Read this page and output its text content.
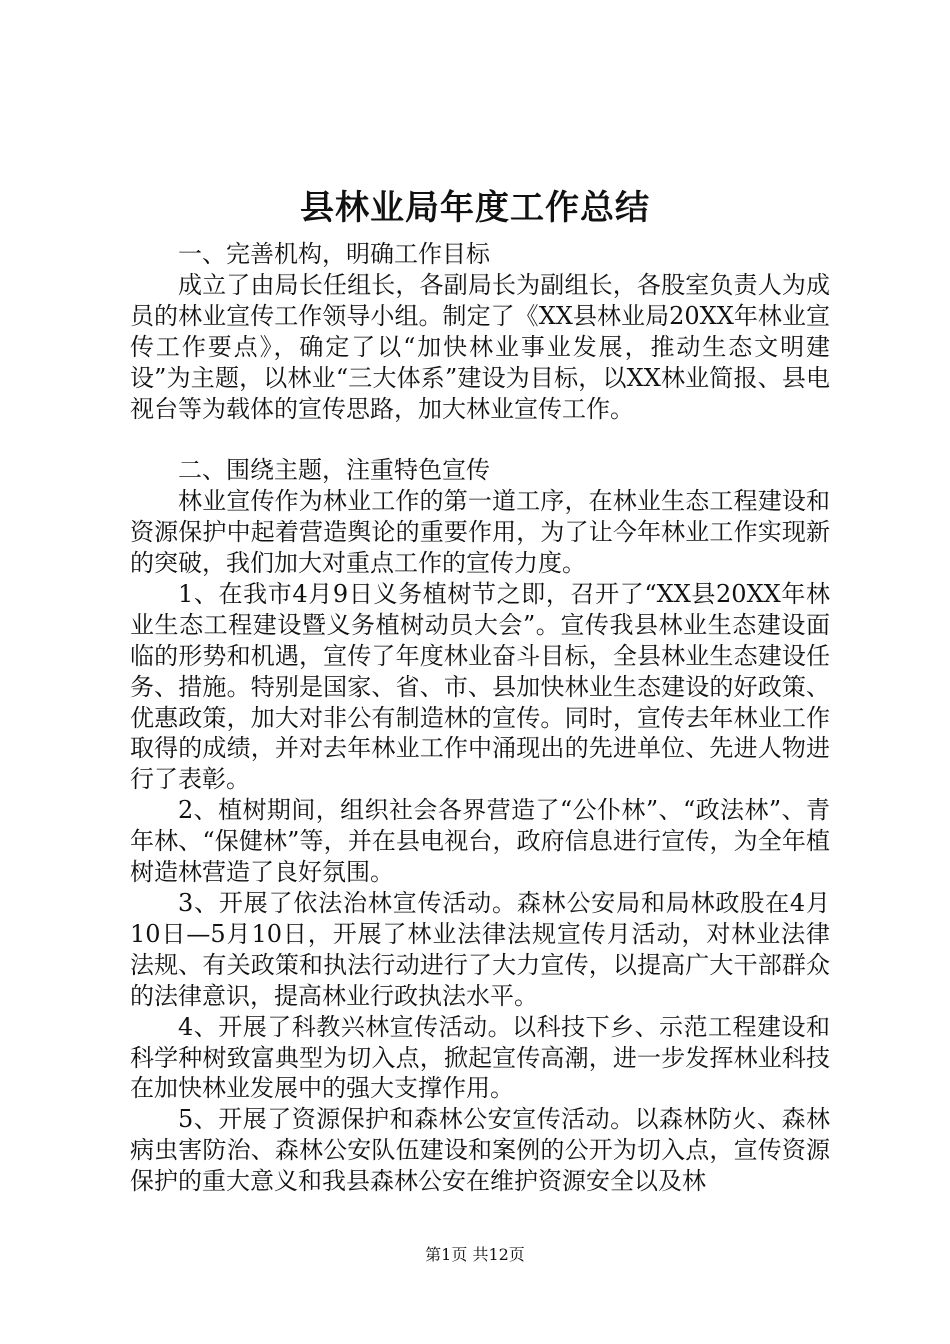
县林业局年度工作总结

一、完善机构，明确工作目标

成立了由局长任组长，各副局长为副组长，各股室负责人为成员的林业宣传工作领导小组。制定了《XX县林业局20XX年林业宣传工作要点》，确定了以“加快林业事业发展，推动生态文明建设”为主题，以林业“三大体系”建设为目标，以XX林业简报、县电视台等为载体的宣传思路，加大林业宣传工作。

二、围绕主题，注重特色宣传

林业宣传作为林业工作的第一道工序，在林业生态工程建设和资源保护中起着营造舆论的重要作用，为了让今年林业工作实现新的突破，我们加大对重点工作的宣传力度。

1、在我市4月9日义务植树节之即，召开了“XX县20XX年林业生态工程建设暨义务植树动员大会”。宣传我县林业生态建设面临的形势和机遇，宣传了年度林业奋斗目标，全县林业生态建设任务、措施。特别是国家、省、市、县加快林业生态建设的好政策、优惠政策，加大对非公有制造林的宣传。同时，宣传去年林业工作取得的成绩，并对去年林业工作中涌现出的先进单位、先进人物进行了表彰。

2、植树期间，组织社会各界营造了“公仆林”、“政法林”、青年林、“保健林”等，并在县电视台，政府信息进行宣传，为全年植树造林营造了良好氛围。

3、开展了依法治林宣传活动。森林公安局和局林政股在4月10日—5月10日，开展了林业法律法规宣传月活动，对林业法律法规、有关政策和执法行动进行了大力宣传，以提高广大干部群众的法律意识，提高林业行政执法水平。

4、开展了科教兴林宣传活动。以科技下乡、示范工程建设和科学种树致富典型为切入点，掀起宣传高潮，进一步发挥林业科技在加快林业发展中的强大支撑作用。

5、开展了资源保护和森林公安宣传活动。以森林防火、森林病虫害防治、森林公安队伍建设和案例的公开为切入点，宣传资源保护的重大意义和我县森林公安在维护资源安全以及林

第1页 共12页
